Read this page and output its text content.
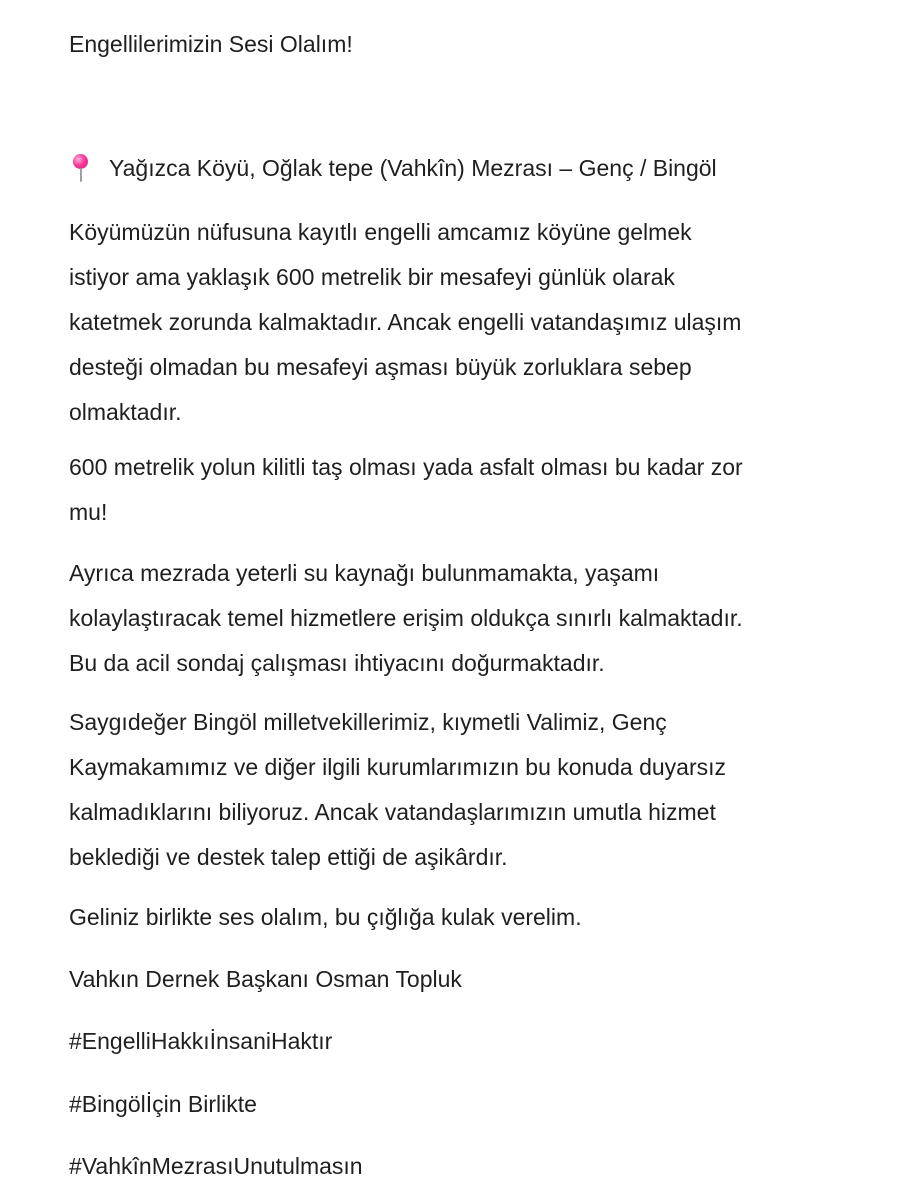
Engellilerimizin Sesi Olalım!

Yağızca Köyü, Oğlak tepe (Vahkîn) Mezrası – Genç / Bingöl
Köyümüzün nüfusuna kayıtlı engelli amcamız köyüne gelmek
istiyor ama yaklaşık 600 metrelik bir mesafeyi günlük olarak
katetmek zorunda kalmaktadır. Ancak engelli vatandaşımız ulaşım
desteği olmadan bu mesafeyi aşması büyük zorluklara sebep
olmaktadır.
600 metrelik yolun kilitli taş olması yada asfalt olması bu kadar zor
mu!
Ayrıca mezrada yeterli su kaynağı bulunmamakta, yaşamı
kolaylaştıracak temel hizmetlere erişim oldukça sınırlı kalmaktadır.
Bu da acil sondaj çalışması ihtiyacını doğurmaktadır.
Saygıdeğer Bingöl milletvekillerimiz, kıymetli Valimiz, Genç
Kaymakamımız ve diğer ilgili kurumlarımızın bu konuda duyarsız
kalmadıklarını biliyoruz. Ancak vatandaşlarımızın umutla hizmet
beklediği ve destek talep ettiği de aşikârdır.

Geliniz birlikte ses olalım, bu çığlığa kulak verelim.

Vahkın Dernek Başkanı Osman Topluk

#EngelliHakkıİnsaniHaktır

#Bingölİçin Birlikte

#VahkînMezrasıUnutulmasın
